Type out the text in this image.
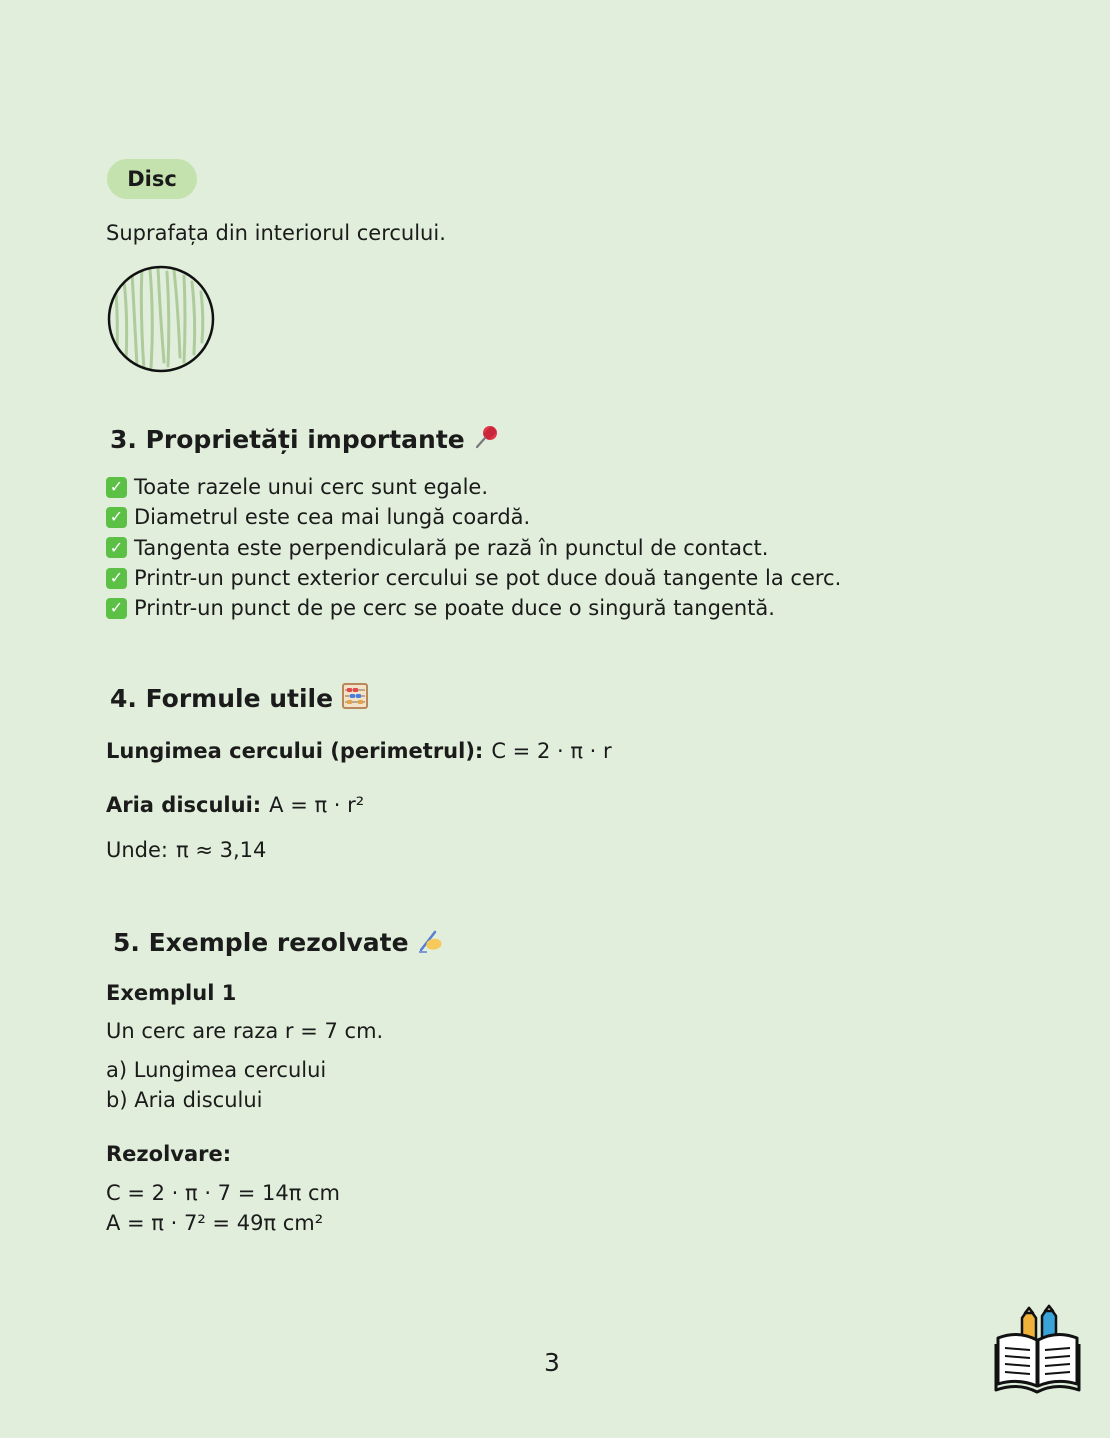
Disc
Suprafața din interiorul cercului.
3. Proprietăți importante
✓ Toate razele unui cerc sunt egale.
✓ Diametrul este cea mai lungă coardă.
✓ Tangenta este perpendiculară pe rază în punctul de contact.
✓ Printr-un punct exterior cercului se pot duce două tangente la cerc.
✓ Printr-un punct de pe cerc se poate duce o singură tangentă.
4. Formule utile
Lungimea cercului (perimetrul): C = 2 · π · r
Aria discului: A = π · r²
Unde: π ≈ 3,14
5. Exemple rezolvate
Exemplul 1
Un cerc are raza r = 7 cm.
a) Lungimea cercului
b) Aria discului
Rezolvare:
C = 2 · π · 7 = 14π cm
A = π · 7² = 49π cm²
3
